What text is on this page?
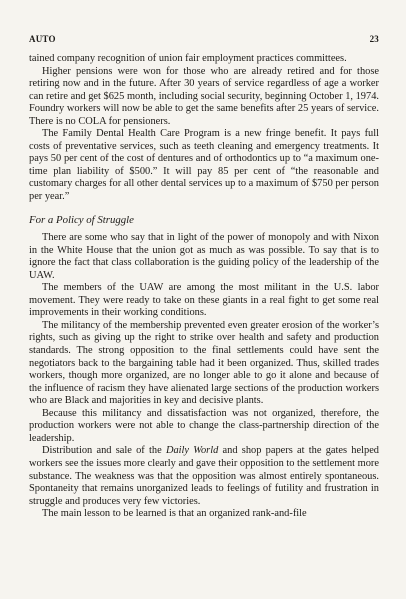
AUTO	23

tained company recognition of union fair employment practices committees.

Higher pensions were won for those who are already retired and for those retiring now and in the future. After 30 years of service regardless of age a worker can retire and get $625 month, including social security, beginning October 1, 1974. Foundry workers will now be able to get the same benefits after 25 years of service. There is no COLA for pensioners.

The Family Dental Health Care Program is a new fringe benefit. It pays full costs of preventative services, such as teeth cleaning and emergency treatments. It pays 50 per cent of the cost of dentures and of orthodontics up to “a maximum one-time plan liability of $500.” It will pay 85 per cent of “the reasonable and customary charges for all other dental services up to a maximum of $750 per person per year.”

For a Policy of Struggle

There are some who say that in light of the power of monopoly and with Nixon in the White House that the union got as much as was possible. To say that is to ignore the fact that class collaboration is the guiding policy of the leadership of the UAW.

The members of the UAW are among the most militant in the U.S. labor movement. They were ready to take on these giants in a real fight to get some real improvements in their working conditions.

The militancy of the membership prevented even greater erosion of the worker’s rights, such as giving up the right to strike over health and safety and production standards. The strong opposition to the final settlements could have sent the negotiators back to the bargaining table had it been organized. Thus, skilled trades workers, though more organized, are no longer able to go it alone and because of the influence of racism they have alienated large sections of the production workers who are Black and majorities in key and decisive plants.

Because this militancy and dissatisfaction was not organized, therefore, the production workers were not able to change the class-partnership direction of the leadership.

Distribution and sale of the Daily World and shop papers at the gates helped workers see the issues more clearly and gave their opposition to the settlement more substance. The weakness was that the opposition was almost entirely spontaneous. Spontaneity that remains unorganized leads to feelings of futility and frustration in struggle and produces very few victories.

The main lesson to be learned is that an organized rank-and-file
